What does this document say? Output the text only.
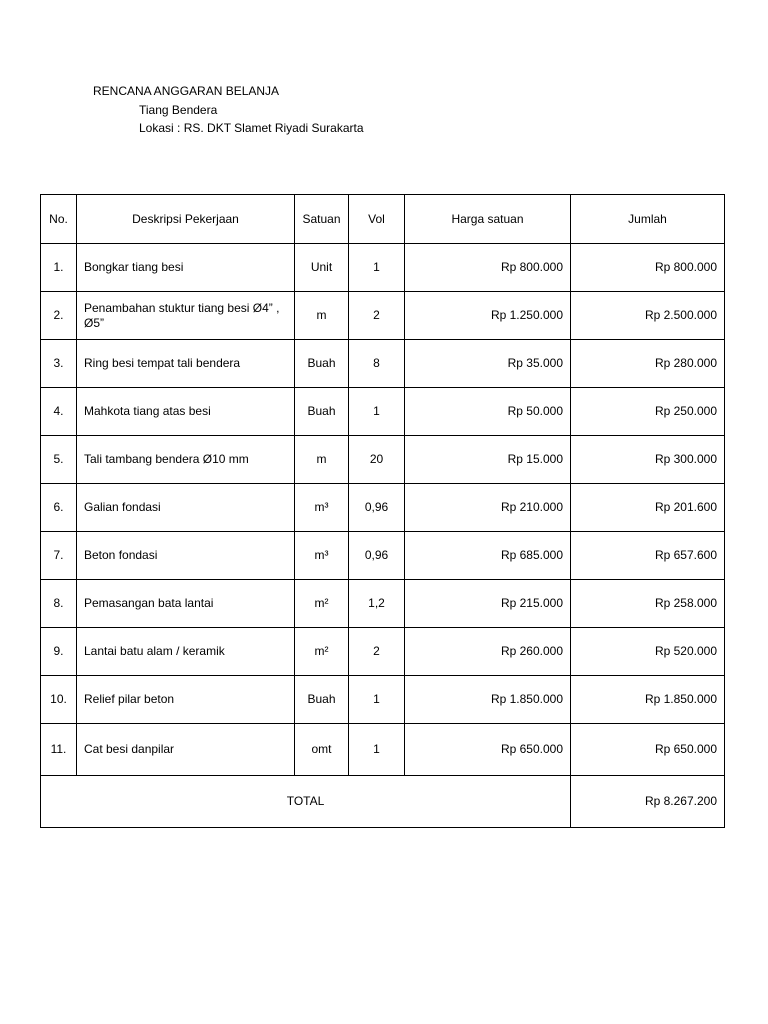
RENCANA ANGGARAN BELANJA
Tiang Bendera
Lokasi : RS. DKT Slamet Riyadi Surakarta
No.	Deskripsi Pekerjaan	Satuan	Vol	Harga satuan	Jumlah
1.	Bongkar tiang besi	Unit	1	Rp 800.000	Rp 800.000
2.	Penambahan stuktur tiang besi Ø4” , Ø5”	m	2	Rp 1.250.000	Rp 2.500.000
3.	Ring besi tempat tali bendera	Buah	8	Rp 35.000	Rp 280.000
4.	Mahkota tiang atas besi	Buah	1	Rp 50.000	Rp 250.000
5.	Tali tambang bendera Ø10 mm	m	20	Rp 15.000	Rp 300.000
6.	Galian fondasi	m³	0,96	Rp 210.000	Rp 201.600
7.	Beton fondasi	m³	0,96	Rp 685.000	Rp 657.600
8.	Pemasangan bata lantai	m²	1,2	Rp 215.000	Rp 258.000
9.	Lantai batu alam / keramik	m²	2	Rp 260.000	Rp 520.000
10.	Relief pilar beton	Buah	1	Rp 1.850.000	Rp 1.850.000
11.	Cat besi danpilar	omt	1	Rp 650.000	Rp 650.000
TOTAL					Rp 8.267.200
